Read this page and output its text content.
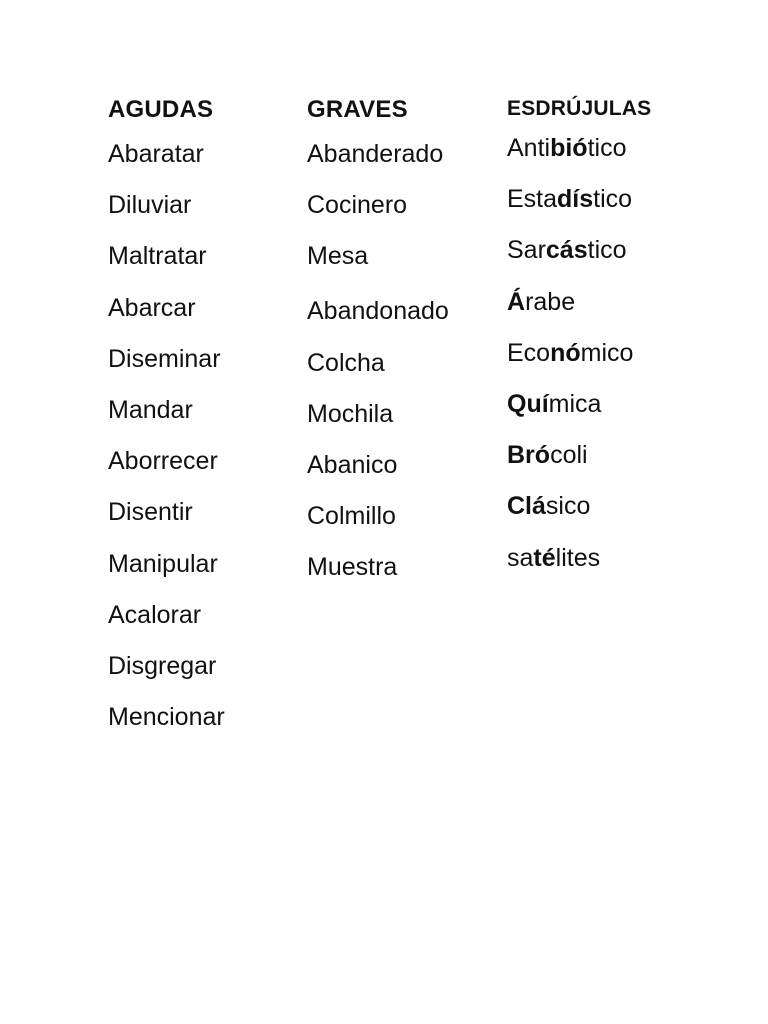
AGUDAS
Abaratar
Diluviar
Maltratar
Abarcar
Diseminar
Mandar
Aborrecer
Disentir
Manipular
Acalorar
Disgregar
Mencionar
GRAVES
Abanderado
Cocinero
Mesa
Abandonado
Colcha
Mochila
Abanico
Colmillo
Muestra
ESDRÚJULAS
Antibiótico
Estadístico
Sarcástico
Árabe
Económico
Química
Brócoli
Clásico
satélites
